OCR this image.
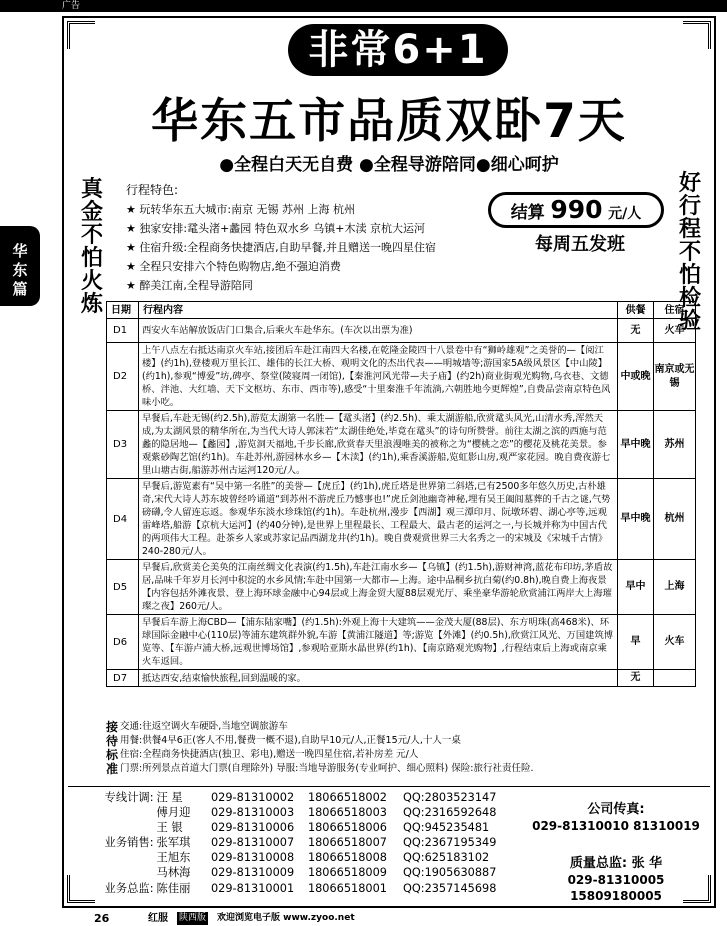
广告
华
东
篇
非常6+1
华东五市品质双卧7天
●全程白天无自费 ●全程导游陪同●细心呵护
真
金
不
怕
火
炼
好
行
程
不
怕
检
验
行程特色:
★ 玩转华东五大城市:南京 无锡 苏州 上海 杭州
★ 独家安排:鼋头渚+蠡园 特色双水乡 乌镇+木渎 京杭大运河
★ 住宿升级:全程商务快捷酒店,自助早餐,并且赠送一晚四星住宿
★ 全程只安排六个特色购物店,绝不强迫消费
★ 醉美江南,全程导游陪同
结算 990 元/人
每周五发班
日期	行程内容	供餐	住宿
D1	西安火车站解放饭店门口集合,后乘火车赴华东。(车次以出票为准)	无	火车
D2	上午八点左右抵达南京火车站,接团后车赴江南四大名楼,在乾隆金陵四十八景卷中有“狮岭雄观”之美誉的—【阅江楼】(约1h),登楼观万里长江、雄伟的长江大桥、观明文化的杰出代表——明城墙等;游国家5A级风景区【中山陵】(约1h),参观“博爱”坊,碑亭、祭堂(陵寝周一闭馆),【秦淮河风光带—夫子庙】(约2h)商业街观光购物,乌衣巷、文德桥、泮池、大红墙、天下文枢坊、东市、西市等),感受“十里秦淮千年流淌,六朝胜地今更辉煌”,自费品尝南京特色风味小吃。	中或晚	南京或无锡
D3	早餐后,车赴无锡(约2.5h),游览太湖第一名胜—【鼋头渚】(约2.5h)、乘太湖游船,欣赏鼋头风光,山清水秀,浑然天成,为太湖风景的精华所在,为当代大诗人郭沫若“太湖佳绝处,毕竟在鼋头”的诗句所赞誉。前往太湖之滨的西施与范蠡的隐居地—【蠡园】,游览洞天福地,千步长廊,欣赏春天里浪漫唯美的被称之为“樱桃之恋”的樱花及桃花美景。参观紫砂陶艺馆(约1h)。车赴苏州,游园林水乡—【木渎】(约1h),乘香溪游船,览虹影山房,观严家花园。晚自费夜游七里山塘古街,船游苏州古运河120元/人。	早中晚	苏州
D4	早餐后,游览素有“吴中第一名胜”的美誉—【虎丘】(约1h),虎丘塔是世界第二斜塔,已有2500多年悠久历史,古朴雄奇,宋代大诗人苏东坡曾经吟诵道“到苏州不游虎丘乃憾事也!”虎丘剑池幽奇神秘,埋有吴王阖闾墓葬的千古之谜,气势磅礴,令人留连忘返。参观华东淡水珍珠馆(约1h)。车赴杭州,漫步【西湖】观三潭印月、阮墩环碧、湖心亭等,远观雷峰塔,船游【京杭大运河】(约40分钟),是世界上里程最长、工程最大、最古老的运河之一,与长城并称为中国古代的两项伟大工程。赴茶乡人家或苏家记品西湖龙井(约1h)。晚自费观赏世界三大名秀之一的宋城及《宋城千古情》240-280元/人。	早中晚	杭州
D5	早餐后,欣赏美仑美奂的江南丝绸文化表演(约1.5h),车赴江南水乡—【乌镇】(约1.5h),游财神湾,蓝花布印坊,茅盾故居,品味千年岁月长河中积淀的水乡风情;车赴中国第一大都市—上海。途中品桐乡抗白菊(约0.8h),晚自费上海夜景【内容包括外滩夜景、登上海环球金融中心94层或上海金贸大厦88层观光厅、乘坐豪华游轮欣赏浦江两岸大上海璀璨之夜】260元/人。	早中	上海
D6	早餐后车游上海CBD—【浦东陆家嘴】(约1.5h):外观上海十大建筑——金茂大厦(88层)、东方明珠(高468米)、环球国际金融中心(110层)等浦东建筑群外貌,车游【黄浦江隧道】等;游览【外滩】(约0.5h),欣赏江风光、万国建筑博览等、【车游卢浦大桥,远观世博场馆】,参观哈亚斯水晶世界(约1h)、【南京路观光购物】,行程结束后上海或南京乘火车返回。	早	火车
D7	抵达西安,结束愉快旅程,回到温暖的家。	无	
接 交通: 往返空调火车硬卧,当地空调旅游车
待 用餐: 供餐4早6正(客人不用,餐费一概不退),自助早10元/人,正餐15元/人,十人一桌
标 住宿: 全程商务快捷酒店(独卫、彩电),赠送一晚四星住宿,若补房差 元/人
准 门票: 所列景点首道大门票(自理除外) 导服:当地导游服务(专业呵护、细心照料) 保险:旅行社责任险.
专线计调: 汪 星	029-81310002	18066518002	QQ: 2803523147
傅月迎	029-81310003	18066518003	QQ: 2316592648
王 银	029-81310006	18066518006	QQ: 945235481
业务销售: 张军琪	029-81310007	18066518007	QQ: 2367195349
王旭东	029-81310008	18066518008	QQ: 625183102
马林海	029-81310009	18066518009	QQ: 1905630887
业务总监: 陈佳丽	029-81310001	18066518001	QQ: 2357145698
公司传真:
029-81310010 81310019
质量总监: 张 华
029-81310005 15809180005
26	红服 陕西版 欢迎浏览电子版 www.zyoo.net
